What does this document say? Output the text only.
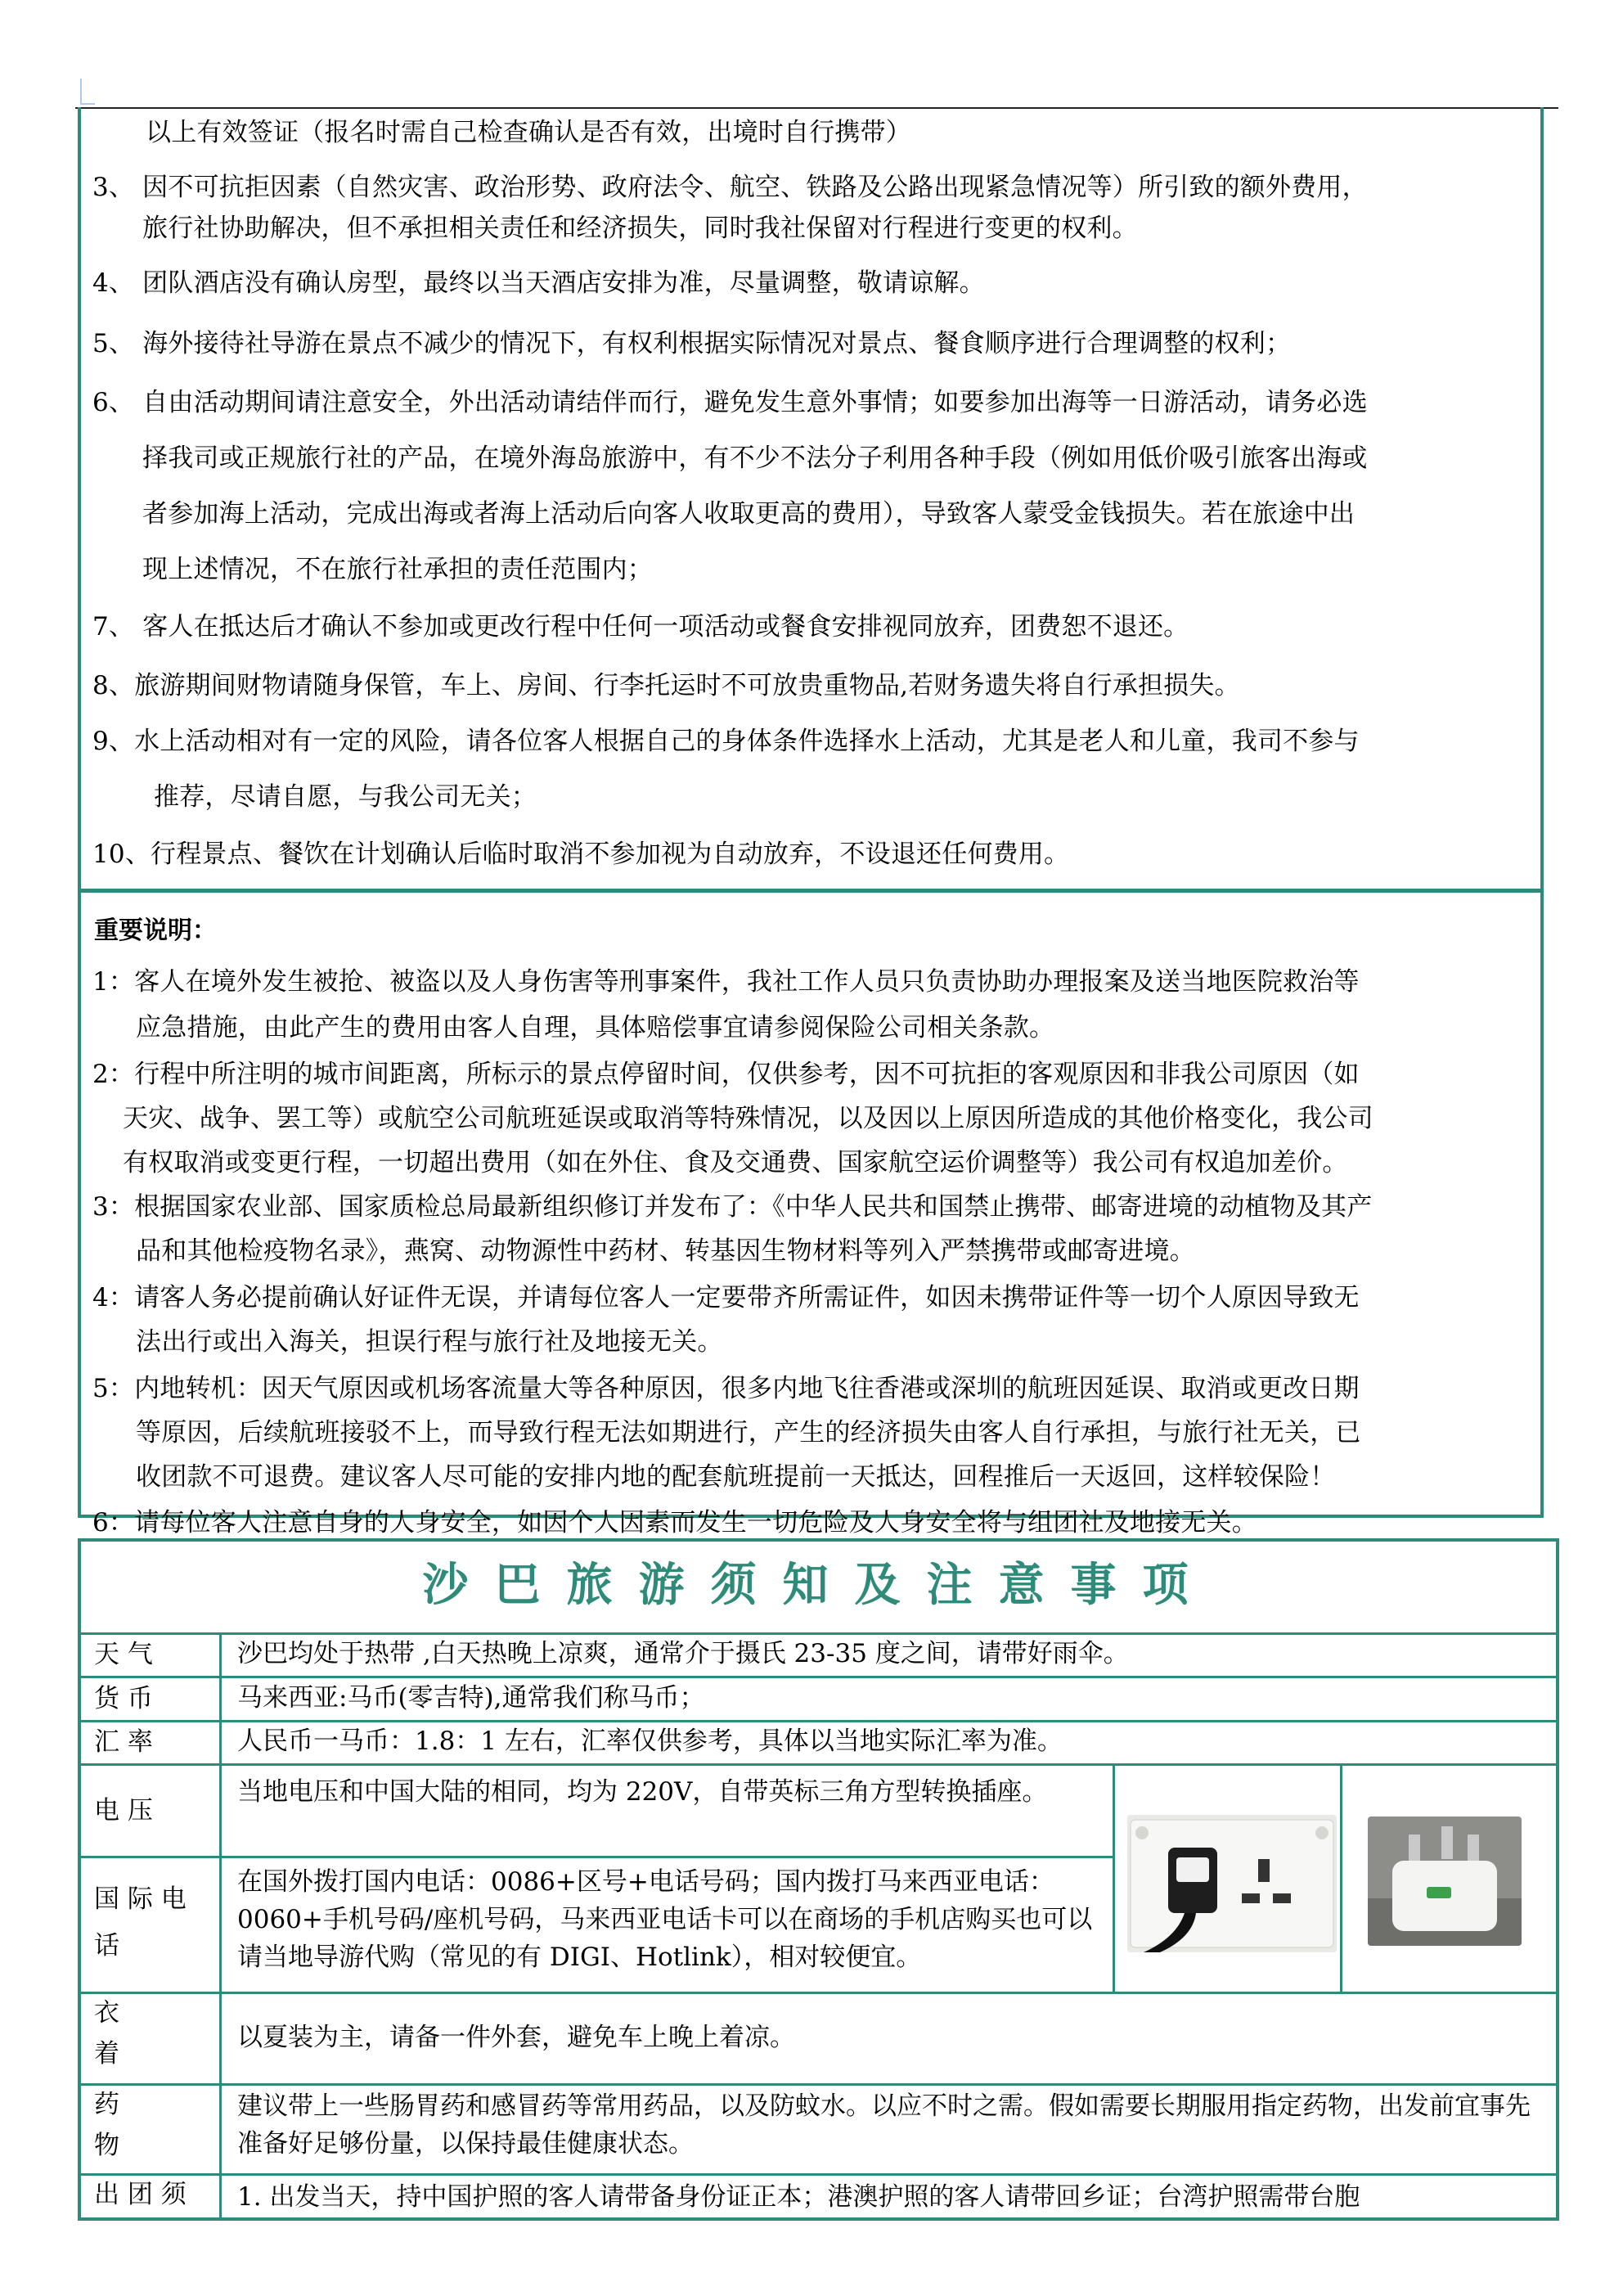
以上有效签证（报名时需自己检查确认是否有效，出境时自行携带）
3、 因不可抗拒因素（自然灾害、政治形势、政府法令、航空、铁路及公路出现紧急情况等）所引致的额外费用，
旅行社协助解决，但不承担相关责任和经济损失，同时我社保留对行程进行变更的权利。
4、 团队酒店没有确认房型，最终以当天酒店安排为准，尽量调整，敬请谅解。
5、 海外接待社导游在景点不减少的情况下，有权利根据实际情况对景点、餐食顺序进行合理调整的权利；
6、 自由活动期间请注意安全，外出活动请结伴而行，避免发生意外事情；如要参加出海等一日游活动，请务必选
择我司或正规旅行社的产品，在境外海岛旅游中，有不少不法分子利用各种手段（例如用低价吸引旅客出海或
者参加海上活动，完成出海或者海上活动后向客人收取更高的费用），导致客人蒙受金钱损失。若在旅途中出
现上述情况，不在旅行社承担的责任范围内；
7、 客人在抵达后才确认不参加或更改行程中任何一项活动或餐食安排视同放弃，团费恕不退还。
8、旅游期间财物请随身保管，车上、房间、行李托运时不可放贵重物品,若财务遗失将自行承担损失。
9、水上活动相对有一定的风险，请各位客人根据自己的身体条件选择水上活动，尤其是老人和儿童，我司不参与
推荐，尽请自愿，与我公司无关；
10、行程景点、餐饮在计划确认后临时取消不参加视为自动放弃，不设退还任何费用。
重要说明：
1：客人在境外发生被抢、被盗以及人身伤害等刑事案件，我社工作人员只负责协助办理报案及送当地医院救治等
应急措施，由此产生的费用由客人自理，具体赔偿事宜请参阅保险公司相关条款。
2：行程中所注明的城市间距离，所标示的景点停留时间，仅供参考，因不可抗拒的客观原因和非我公司原因（如
天灾、战争、罢工等）或航空公司航班延误或取消等特殊情况，以及因以上原因所造成的其他价格变化，我公司
有权取消或变更行程，一切超出费用（如在外住、食及交通费、国家航空运价调整等）我公司有权追加差价。
3：根据国家农业部、国家质检总局最新组织修订并发布了：《中华人民共和国禁止携带、邮寄进境的动植物及其产
品和其他检疫物名录》，燕窝、动物源性中药材、转基因生物材料等列入严禁携带或邮寄进境。
4：请客人务必提前确认好证件无误，并请每位客人一定要带齐所需证件，如因未携带证件等一切个人原因导致无
法出行或出入海关，担误行程与旅行社及地接无关。
5：内地转机：因天气原因或机场客流量大等各种原因，很多内地飞往香港或深圳的航班因延误、取消或更改日期
等原因，后续航班接驳不上，而导致行程无法如期进行，产生的经济损失由客人自行承担，与旅行社无关，已
收团款不可退费。建议客人尽可能的安排内地的配套航班提前一天抵达，回程推后一天返回，这样较保险！
6：请每位客人注意自身的人身安全，如因个人因素而发生一切危险及人身安全将与组团社及地接无关。
沙巴旅游须知及注意事项
天 气
货 币
汇 率
电 压
国 际 电
话
衣
着
药
物
出 团 须
沙巴均处于热带 ,白天热晚上凉爽，通常介于摄氏 23-35 度之间，请带好雨伞。
马来西亚:马币(零吉特),通常我们称马币；
人民币一马币：1.8：1 左右，汇率仅供参考，具体以当地实际汇率为准。
当地电压和中国大陆的相同，均为 220V，自带英标三角方型转换插座。
在国外拨打国内电话：0086+区号+电话号码；国内拨打马来西亚电话：0060+手机号码/座机号码，马来西亚电话卡可以在商场的手机店购买也可以请当地导游代购（常见的有 DIGI、Hotlink），相对较便宜。
以夏装为主，请备一件外套，避免车上晚上着凉。
建议带上一些肠胃药和感冒药等常用药品，以及防蚊水。以应不时之需。假如需要长期服用指定药物，出发前宜事先准备好足够份量，以保持最佳健康状态。
1. 出发当天，持中国护照的客人请带备身份证正本；港澳护照的客人请带回乡证；台湾护照需带台胞
